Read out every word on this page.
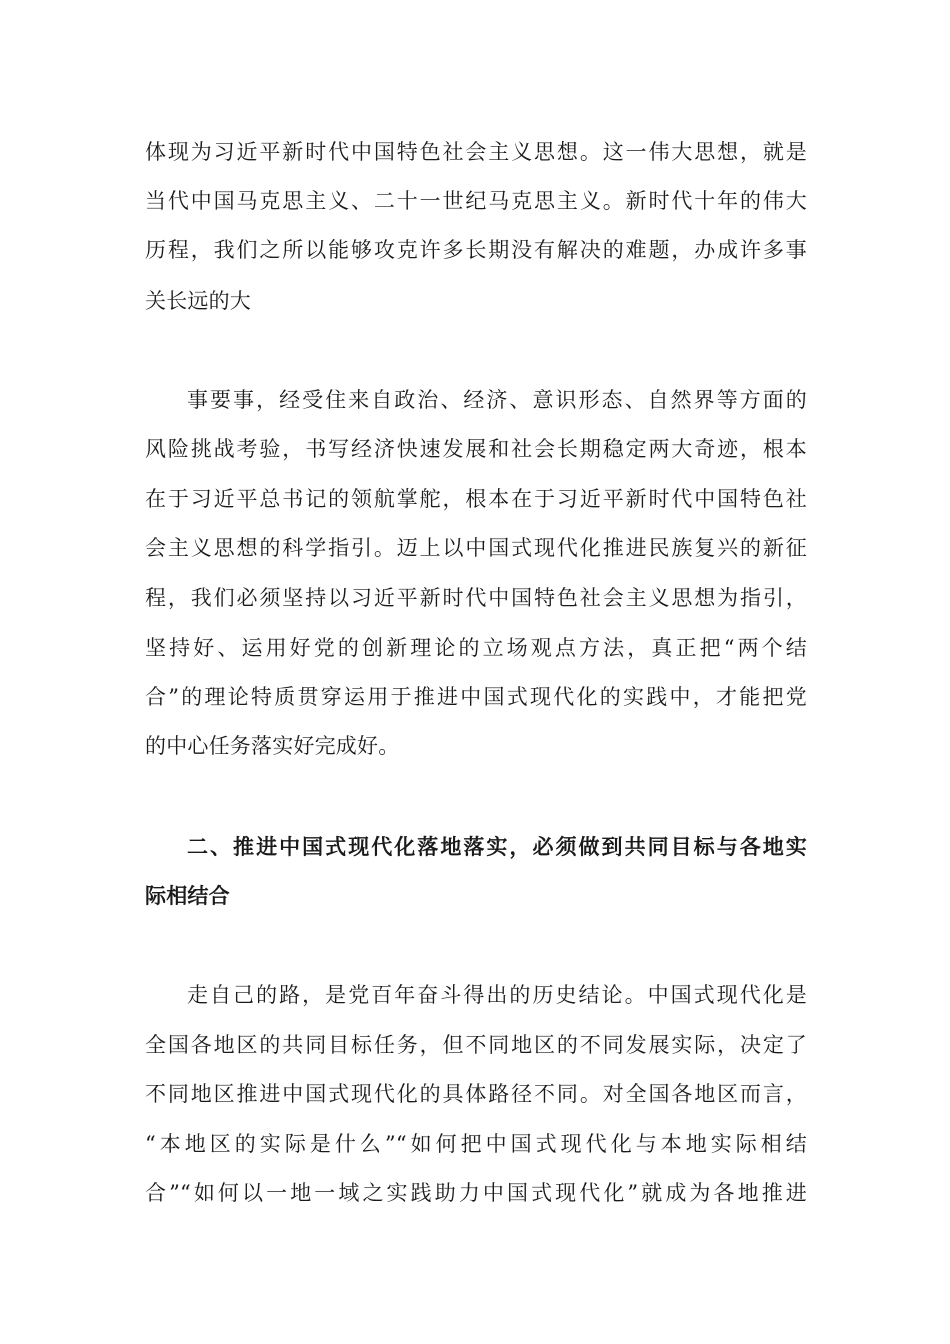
体现为习近平新时代中国特色社会主义思想。这一伟大思想，就是
当代中国马克思主义、二十一世纪马克思主义。新时代十年的伟大
历程，我们之所以能够攻克许多长期没有解决的难题，办成许多事
关长远的大
事要事，经受住来自政治、经济、意识形态、自然界等方面的
风险挑战考验，书写经济快速发展和社会长期稳定两大奇迹，根本
在于习近平总书记的领航掌舵，根本在于习近平新时代中国特色社
会主义思想的科学指引。迈上以中国式现代化推进民族复兴的新征
程，我们必须坚持以习近平新时代中国特色社会主义思想为指引，
坚持好、运用好党的创新理论的立场观点方法，真正把“两个结
合”的理论特质贯穿运用于推进中国式现代化的实践中，才能把党
的中心任务落实好完成好。
二、推进中国式现代化落地落实，必须做到共同目标与各地实
际相结合
走自己的路，是党百年奋斗得出的历史结论。中国式现代化是
全国各地区的共同目标任务，但不同地区的不同发展实际，决定了
不同地区推进中国式现代化的具体路径不同。对全国各地区而言，
“本地区的实际是什么”“如何把中国式现代化与本地实际相结
合”“如何以一地一域之实践助力中国式现代化”就成为各地推进
